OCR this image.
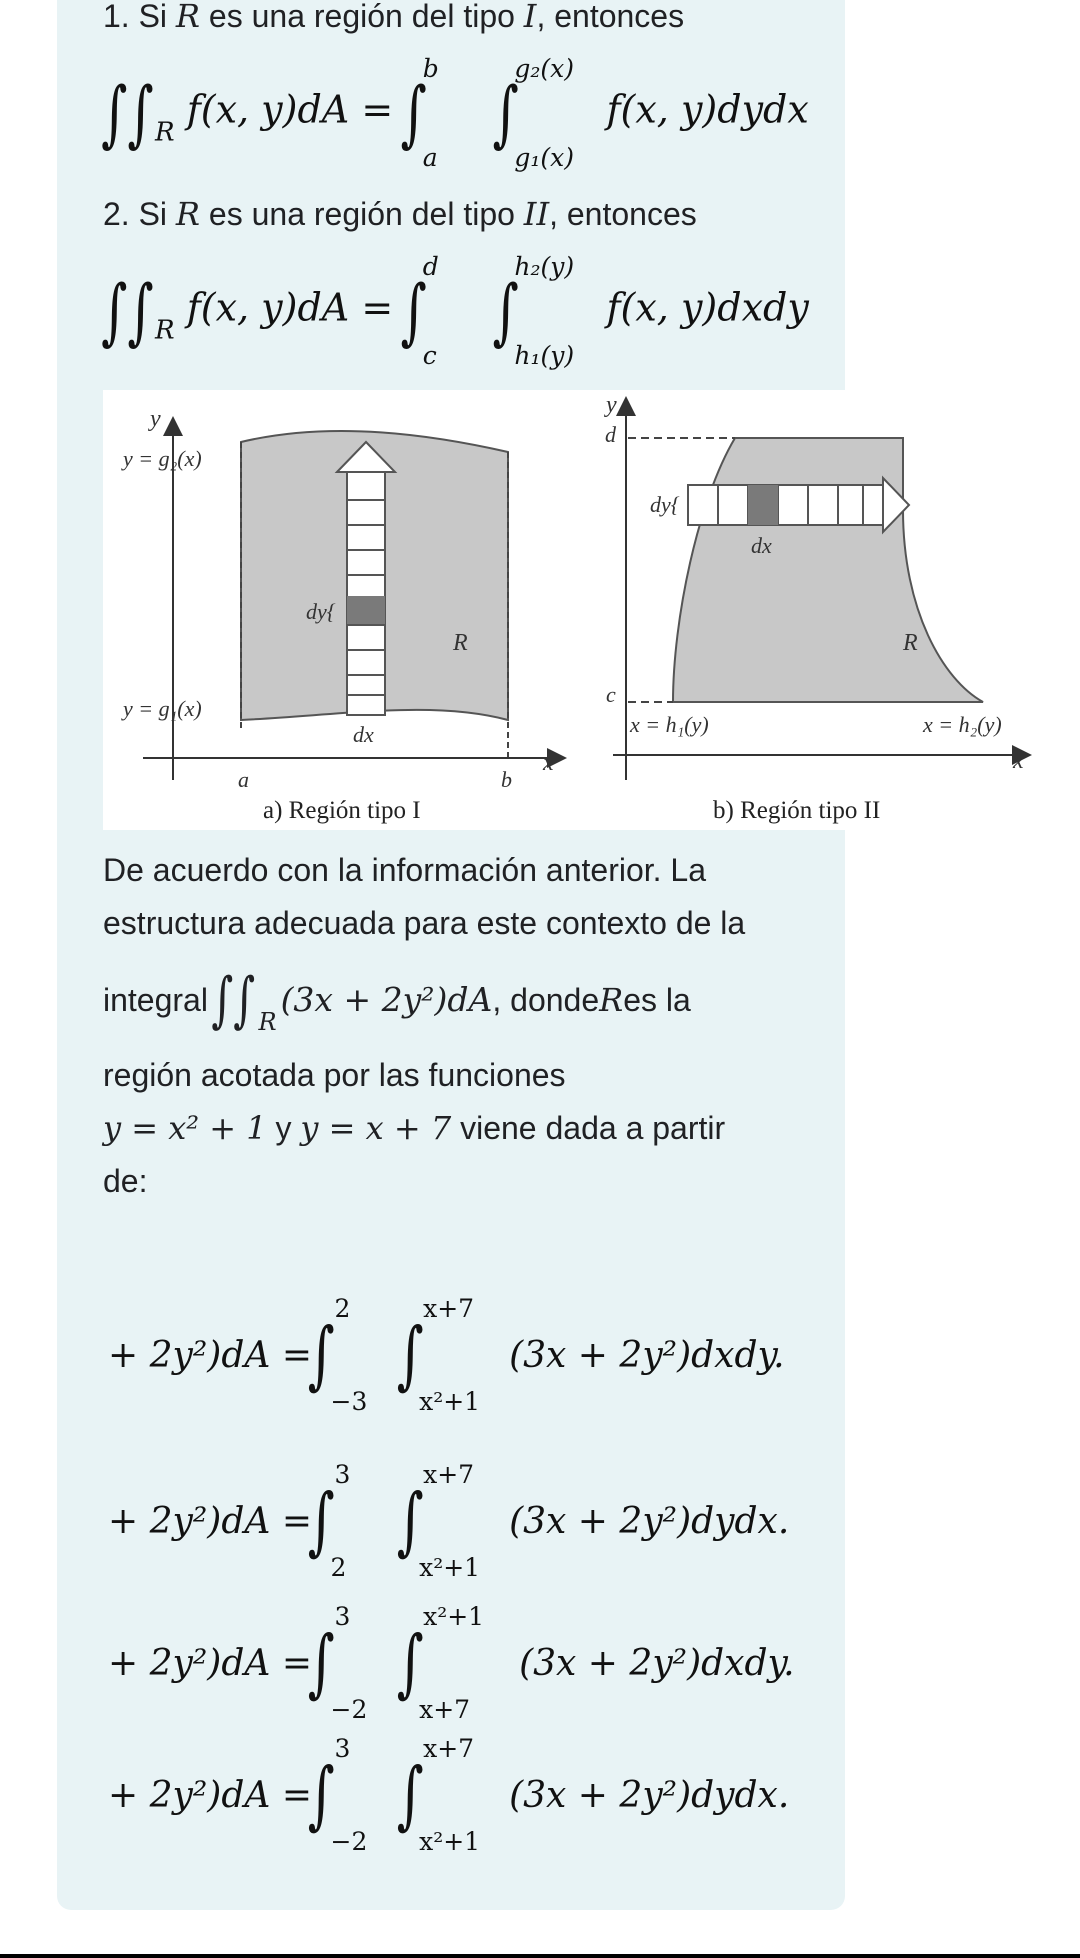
1. Si R es una región del tipo I, entonces

$\int\int_R$ f(x, y)dA = ∫
b
a
∫
g₂(x)
g₁(x)
f(x, y)dydx

2. Si R es una región del tipo II, entonces

$\int\int_R$ f(x, y)dA = ∫
d
c
∫
h₂(y)
h₁(y)
f(x, y)dxdy
y
x
y = g₂(x)
y = g₁(x)
dy{
dx
R
a	b
a) Región tipo I
y
x
d
c
dy{
dx
R
x = h₁(y)	x = h₂(y)
b) Región tipo II

De acuerdo con la información anterior. La

estructura adecuada para este contexto de la

integral ∫∫ R
(3x + 2y²)dA , donde R es la

región acotada por las funciones

y = x² + 1 y y = x + 7 viene dada a partir

de:

+ 2y²)dA =
∫
2
−3
∫
x+7
x²+1
(3x + 2y²)dxdy.
+ 2y²)dA =
∫
3
2
∫
x+7
x²+1
(3x + 2y²)dydx.
+ 2y²)dA =
∫
3
−2
∫
x²+1
x+7
(3x + 2y²)dxdy.
+ 2y²)dA =
∫
3
−2
∫
x+7
x²+1
(3x + 2y²)dydx.
